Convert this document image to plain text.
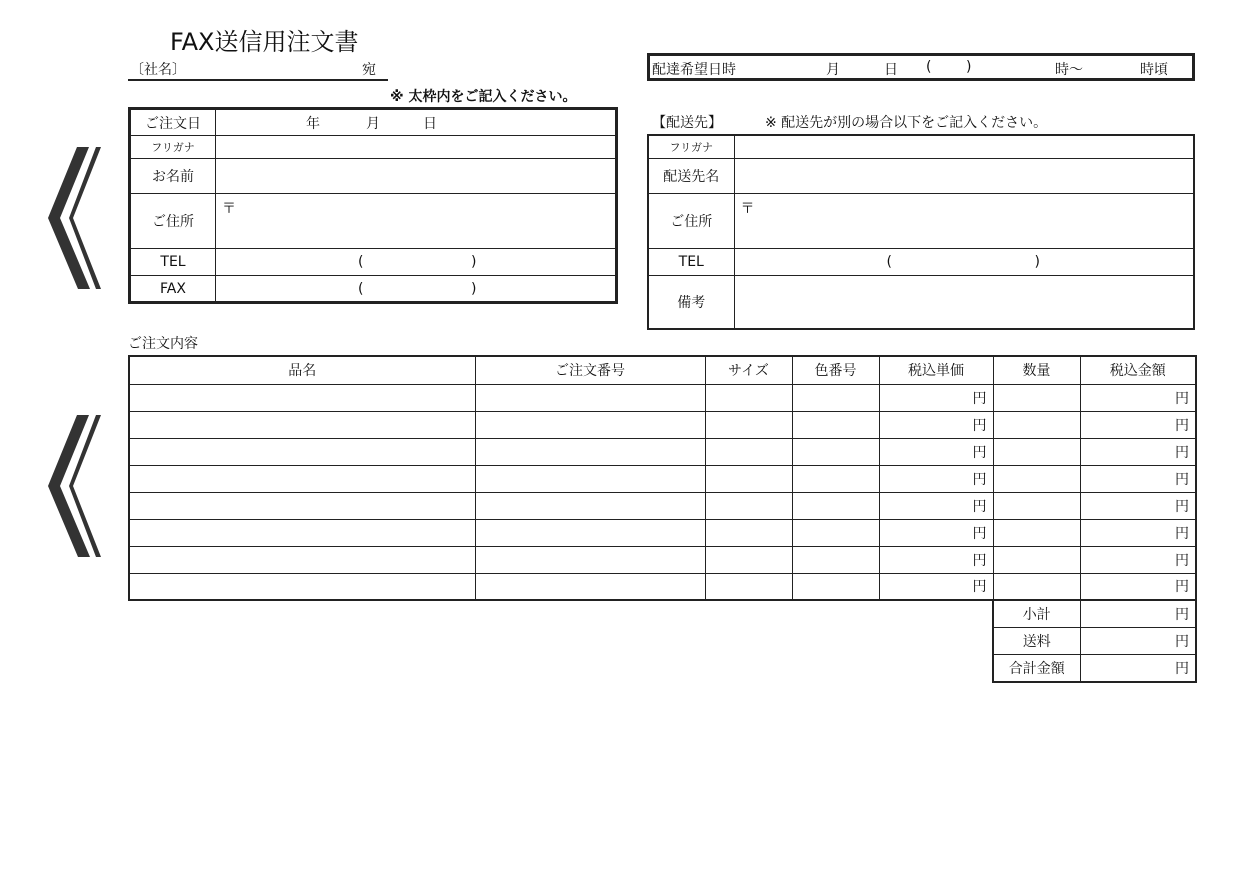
FAX送信用注文書
〔社名〕	宛
※ 太枠内をご記入ください。
ご注文日	年 月 日

フリガナ	
お名前	
ご住所	〒
TEL	( )

FAX	( )
配達希望日時	月	日 ( )	時～	時頃
【配送先】	※ 配送先が別の場合以下をご記入ください。
フリガナ	
配送先名	
ご住所	〒
TEL	( )

備考	
ご注文内容
品名	ご注文番号	サイズ	色番号	税込単価	数量	税込金額
				円		円
				円		円
				円		円
				円		円
				円		円
				円		円
				円		円
				円		円
小計	円
送料	円
合計金額	円
